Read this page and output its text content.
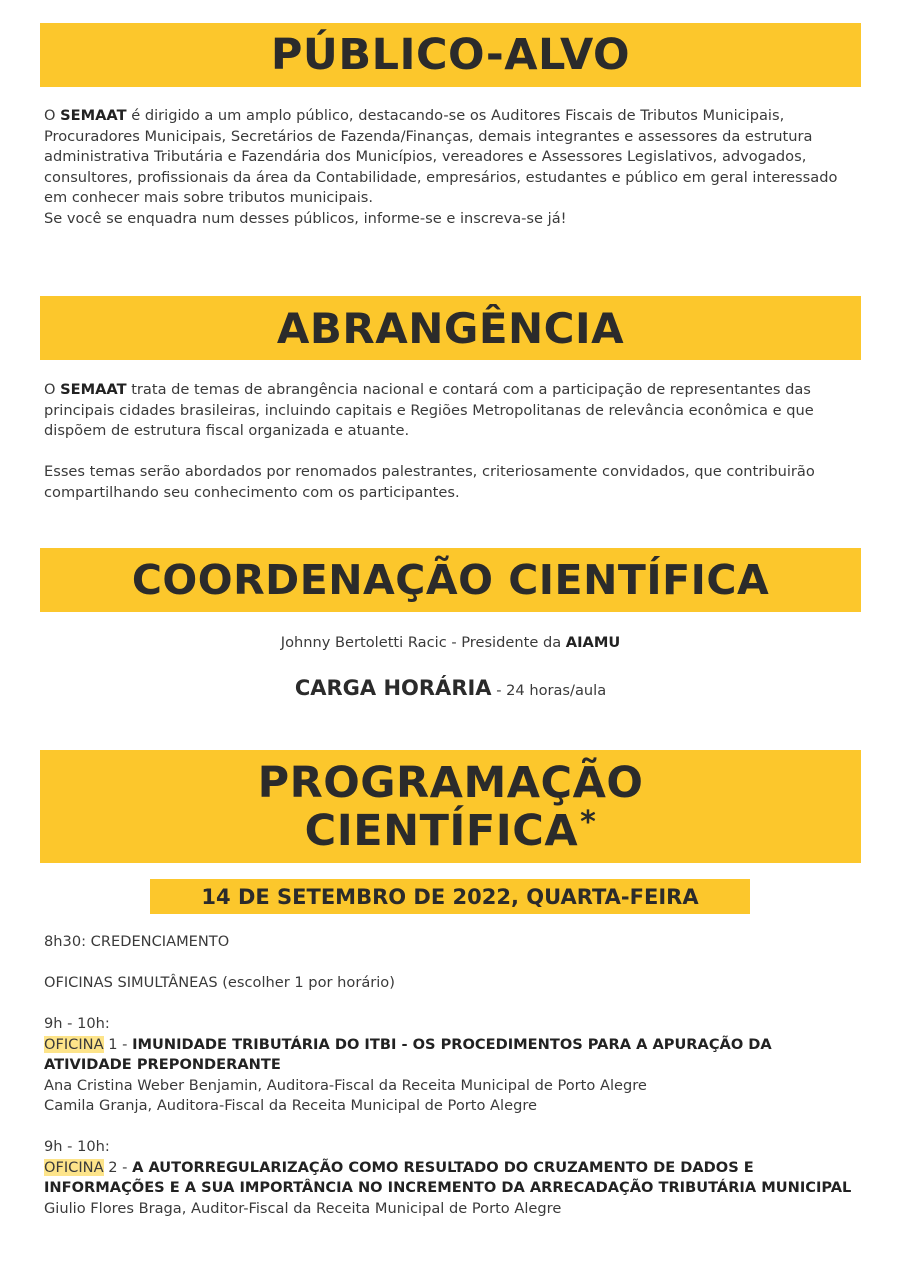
PÚBLICO-ALVO

O SEMAAT é dirigido a um amplo público, destacando-se os Auditores Fiscais de Tributos Municipais, Procuradores Municipais, Secretários de Fazenda/Finanças, demais integrantes e assessores da estrutura administrativa Tributária e Fazendária dos Municípios, vereadores e Assessores Legislativos, advogados, consultores, profissionais da área da Contabilidade, empresários, estudantes e público em geral interessado em conhecer mais sobre tributos municipais.

Se você se enquadra num desses públicos, informe-se e inscreva-se já!

ABRANGÊNCIA

O SEMAAT trata de temas de abrangência nacional e contará com a participação de representantes das principais cidades brasileiras, incluindo capitais e Regiões Metropolitanas de relevância econômica e que dispõem de estrutura fiscal organizada e atuante.

Esses temas serão abordados por renomados palestrantes, criteriosamente convidados, que contribuirão compartilhando seu conhecimento com os participantes.

COORDENAÇÃO CIENTÍFICA
Johnny Bertoletti Racic - Presidente da AIAMU
CARGA HORÁRIA - 24 horas/aula
PROGRAMAÇÃO
CIENTÍFICA*
14 DE SETEMBRO DE 2022, QUARTA-FEIRA
8h30: CREDENCIAMENTO
OFICINAS SIMULTÂNEAS (escolher 1 por horário)

9h - 10h:

OFICINA 1 - IMUNIDADE TRIBUTÁRIA DO ITBI - OS PROCEDIMENTOS PARA A APURAÇÃO DA ATIVIDADE PREPONDERANTE

Ana Cristina Weber Benjamin, Auditora-Fiscal da Receita Municipal de Porto Alegre

Camila Granja, Auditora-Fiscal da Receita Municipal de Porto Alegre

9h - 10h:

OFICINA 2 - A AUTORREGULARIZAÇÃO COMO RESULTADO DO CRUZAMENTO DE DADOS E INFORMAÇÕES E A SUA IMPORTÂNCIA NO INCREMENTO DA ARRECADAÇÃO TRIBUTÁRIA MUNICIPAL

Giulio Flores Braga, Auditor-Fiscal da Receita Municipal de Porto Alegre
